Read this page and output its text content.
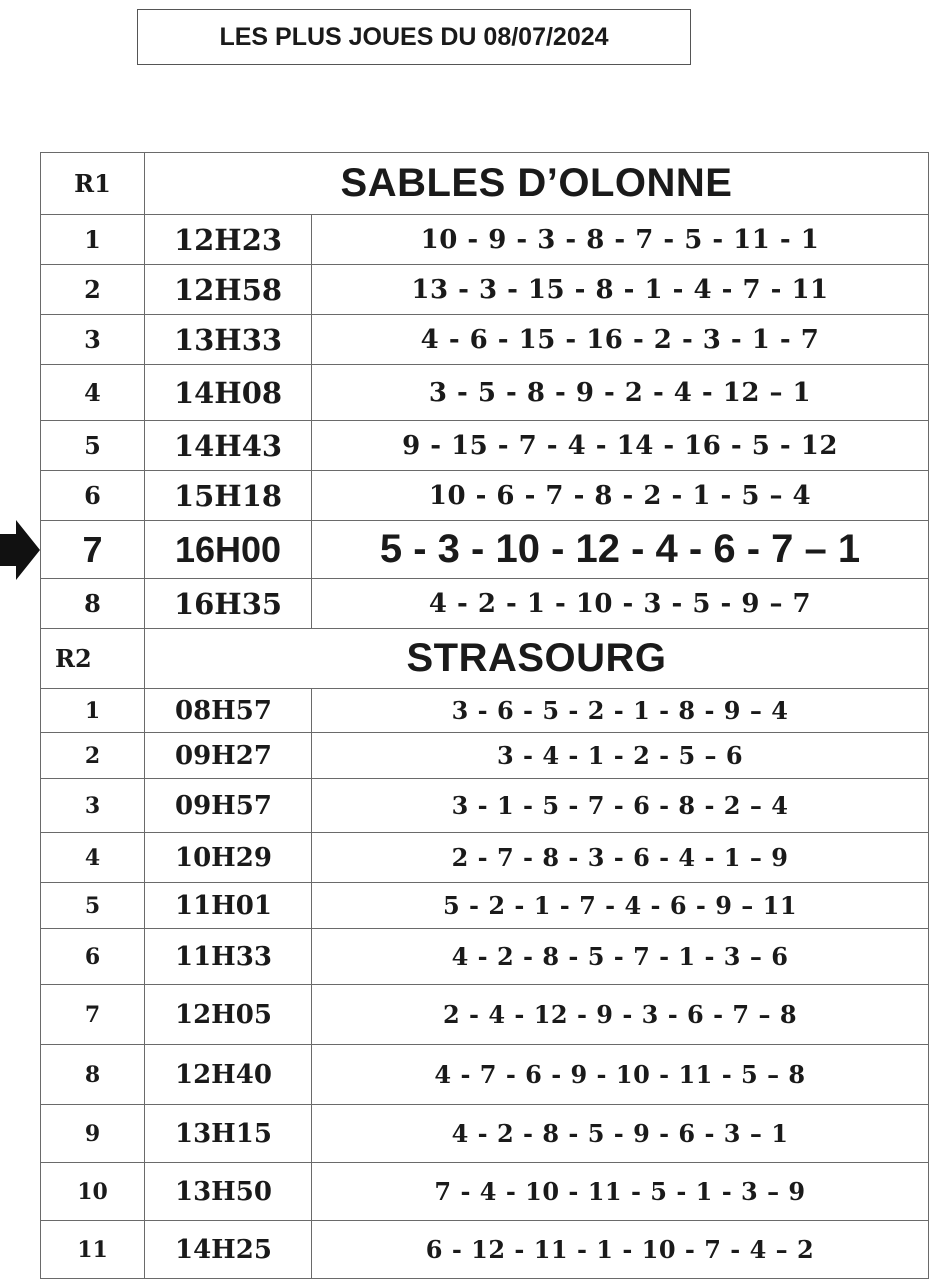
LES PLUS JOUES DU 08/07/2024
R1	SABLES D’OLONNE	
1	12H23	10 - 9 - 3 - 8 - 7 - 5 - 11 - 1
2	12H58	13 - 3 - 15 - 8 - 1 - 4 - 7 - 11
3	13H33	4 - 6 - 15 - 16 - 2 - 3 - 1 - 7
4	14H08	3 - 5 - 8 - 9 - 2 - 4 - 12 – 1
5	14H43	9 - 15 - 7 - 4 - 14 - 16 - 5 - 12
6	15H18	10 - 6 - 7 - 8 - 2 - 1 - 5 – 4
7	16H00	5 - 3 - 10 - 12 - 4 - 6 - 7 – 1
8	16H35	4 - 2 - 1 - 10 - 3 - 5 - 9 – 7
R2	STRASOURG	
1	08H57	3 - 6 - 5 - 2 - 1 - 8 - 9 – 4
2	09H27	3 - 4 - 1 - 2 - 5 – 6
3	09H57	3 - 1 - 5 - 7 - 6 - 8 - 2 – 4
4	10H29	2 - 7 - 8 - 3 - 6 - 4 - 1 – 9
5	11H01	5 - 2 - 1 - 7 - 4 - 6 - 9 – 11
6	11H33	4 - 2 - 8 - 5 - 7 - 1 - 3 – 6
7	12H05	2 - 4 - 12 - 9 - 3 - 6 - 7 – 8
8	12H40	4 - 7 - 6 - 9 - 10 - 11 - 5 – 8
9	13H15	4 - 2 - 8 - 5 - 9 - 6 - 3 – 1
10	13H50	7 - 4 - 10 - 11 - 5 - 1 - 3 – 9
11	14H25	6 - 12 - 11 - 1 - 10 - 7 - 4 – 2
